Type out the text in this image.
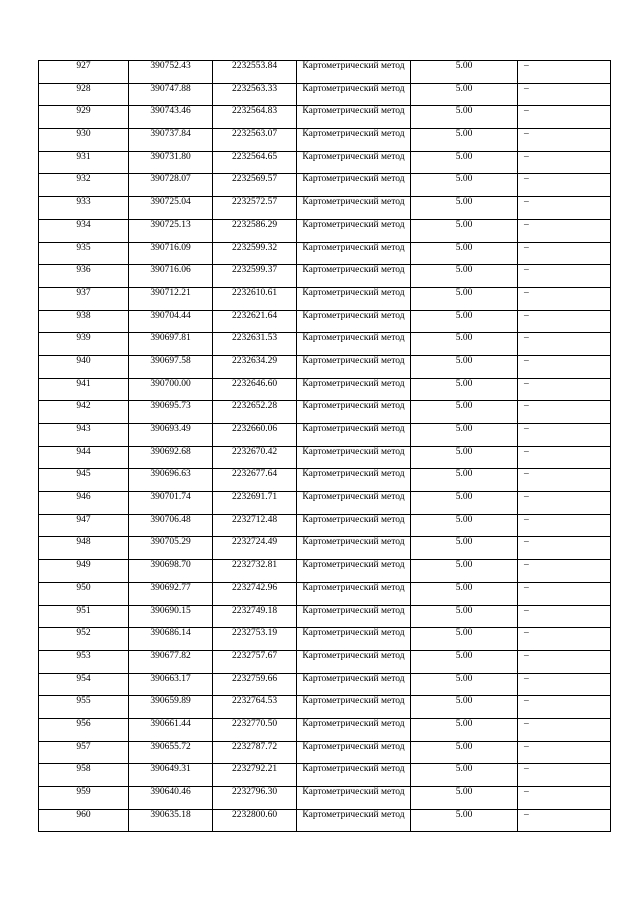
927	390752.43	2232553.84	Картометрический метод	5.00	–
928	390747.88	2232563.33	Картометрический метод	5.00	–
929	390743.46	2232564.83	Картометрический метод	5.00	–
930	390737.84	2232563.07	Картометрический метод	5.00	–
931	390731.80	2232564.65	Картометрический метод	5.00	–
932	390728.07	2232569.57	Картометрический метод	5.00	–
933	390725.04	2232572.57	Картометрический метод	5.00	–
934	390725.13	2232586.29	Картометрический метод	5.00	–
935	390716.09	2232599.32	Картометрический метод	5.00	–
936	390716.06	2232599.37	Картометрический метод	5.00	–
937	390712.21	2232610.61	Картометрический метод	5.00	–
938	390704.44	2232621.64	Картометрический метод	5.00	–
939	390697.81	2232631.53	Картометрический метод	5.00	–
940	390697.58	2232634.29	Картометрический метод	5.00	–
941	390700.00	2232646.60	Картометрический метод	5.00	–
942	390695.73	2232652.28	Картометрический метод	5.00	–
943	390693.49	2232660.06	Картометрический метод	5.00	–
944	390692.68	2232670.42	Картометрический метод	5.00	–
945	390696.63	2232677.64	Картометрический метод	5.00	–
946	390701.74	2232691.71	Картометрический метод	5.00	–
947	390706.48	2232712.48	Картометрический метод	5.00	–
948	390705.29	2232724.49	Картометрический метод	5.00	–
949	390698.70	2232732.81	Картометрический метод	5.00	–
950	390692.77	2232742.96	Картометрический метод	5.00	–
951	390690.15	2232749.18	Картометрический метод	5.00	–
952	390686.14	2232753.19	Картометрический метод	5.00	–
953	390677.82	2232757.67	Картометрический метод	5.00	–
954	390663.17	2232759.66	Картометрический метод	5.00	–
955	390659.89	2232764.53	Картометрический метод	5.00	–
956	390661.44	2232770.50	Картометрический метод	5.00	–
957	390655.72	2232787.72	Картометрический метод	5.00	–
958	390649.31	2232792.21	Картометрический метод	5.00	–
959	390640.46	2232796.30	Картометрический метод	5.00	–
960	390635.18	2232800.60	Картометрический метод	5.00	–
